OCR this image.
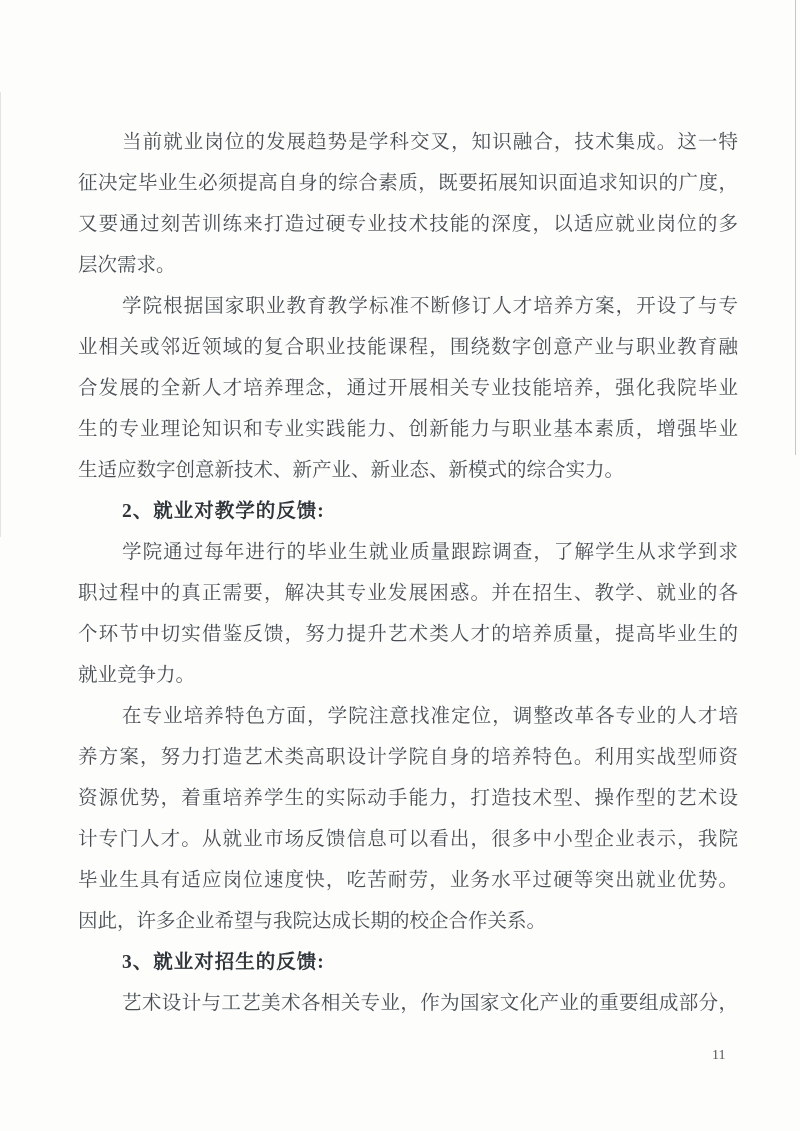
当前就业岗位的发展趋势是学科交叉，知识融合，技术集成。这一特
征决定毕业生必须提高自身的综合素质，既要拓展知识面追求知识的广度，
又要通过刻苦训练来打造过硬专业技术技能的深度，以适应就业岗位的多
层次需求。
学院根据国家职业教育教学标准不断修订人才培养方案，开设了与专
业相关或邻近领域的复合职业技能课程，围绕数字创意产业与职业教育融
合发展的全新人才培养理念，通过开展相关专业技能培养，强化我院毕业
生的专业理论知识和专业实践能力、创新能力与职业基本素质，增强毕业
生适应数字创意新技术、新产业、新业态、新模式的综合实力。
2、就业对教学的反馈:
学院通过每年进行的毕业生就业质量跟踪调查，了解学生从求学到求
职过程中的真正需要，解决其专业发展困惑。并在招生、教学、就业的各
个环节中切实借鉴反馈，努力提升艺术类人才的培养质量，提高毕业生的
就业竞争力。
在专业培养特色方面，学院注意找准定位，调整改革各专业的人才培
养方案，努力打造艺术类高职设计学院自身的培养特色。利用实战型师资
资源优势，着重培养学生的实际动手能力，打造技术型、操作型的艺术设
计专门人才。从就业市场反馈信息可以看出，很多中小型企业表示，我院
毕业生具有适应岗位速度快，吃苦耐劳，业务水平过硬等突出就业优势。
因此，许多企业希望与我院达成长期的校企合作关系。
3、就业对招生的反馈:
艺术设计与工艺美术各相关专业，作为国家文化产业的重要组成部分，
11
